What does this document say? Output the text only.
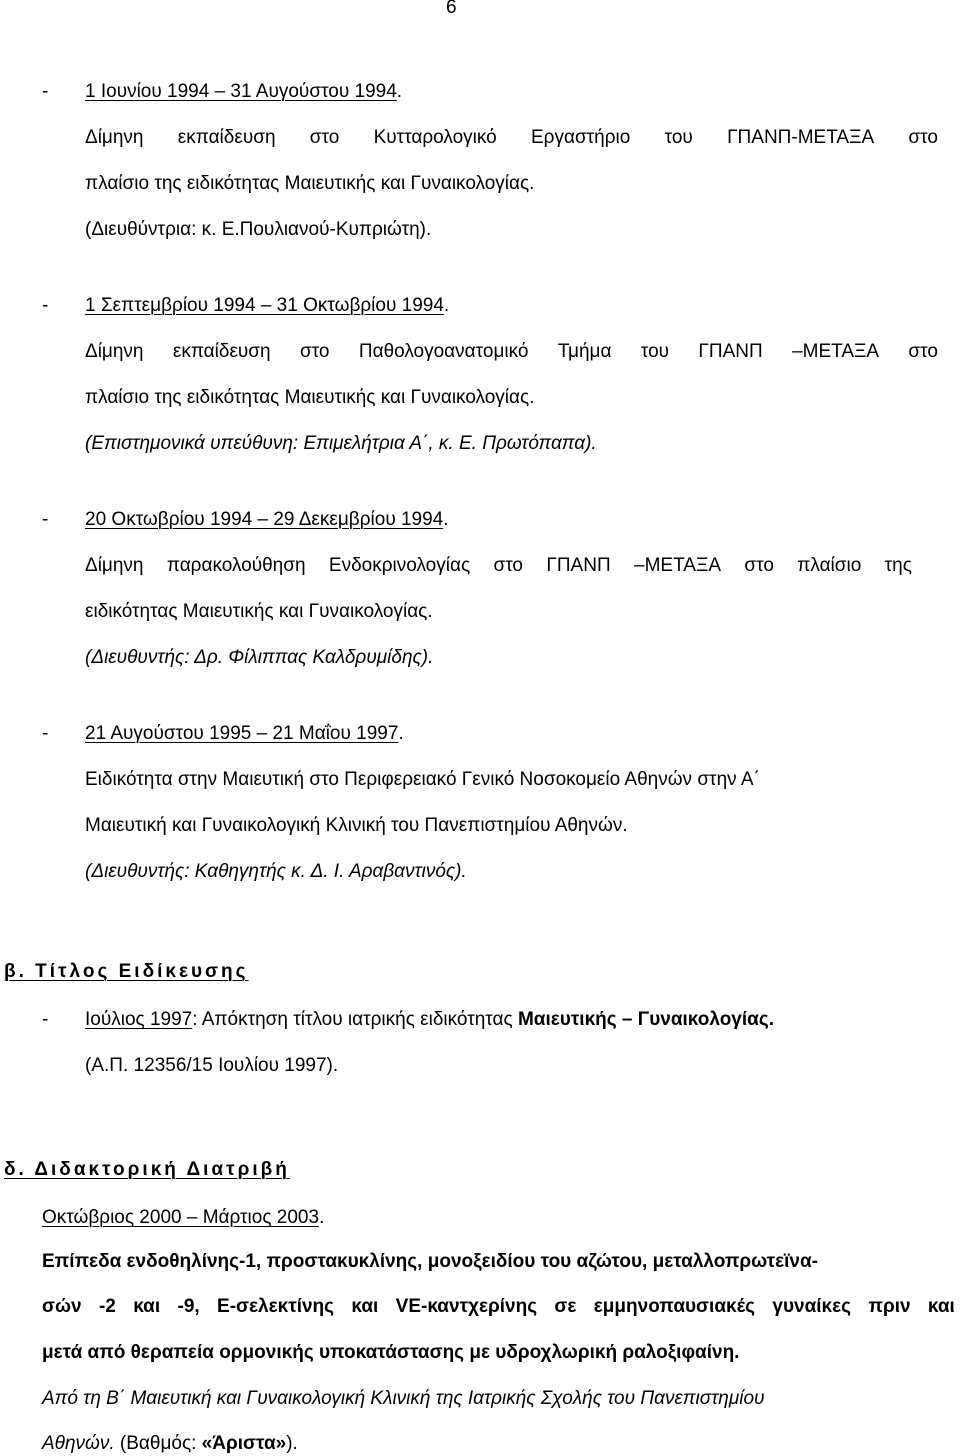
6
- 1 Ιουνίου 1994 – 31 Αυγούστου 1994.
Δίμηνη εκπαίδευση στο Κυτταρολογικό Εργαστήριο του ΓΠΑΝΠ-ΜΕΤΑΞΑ στο
πλαίσιο της ειδικότητας Μαιευτικής και Γυναικολογίας.
(Διευθύντρια: κ. Ε.Πουλιανού-Κυπριώτη).
- 1 Σεπτεμβρίου 1994 – 31 Οκτωβρίου 1994.
Δίμηνη εκπαίδευση στο Παθολογοανατομικό Τμήμα του ΓΠΑΝΠ –ΜΕΤΑΞΑ στο
πλαίσιο της ειδικότητας Μαιευτικής και Γυναικολογίας.
(Επιστημονικά υπεύθυνη: Επιμελήτρια Α΄, κ. Ε. Πρωτόπαπα).
- 20 Οκτωβρίου 1994 – 29 Δεκεμβρίου 1994.
Δίμηνη παρακολούθηση Ενδοκρινολογίας στο ΓΠΑΝΠ –ΜΕΤΑΞΑ στο πλαίσιο της
ειδικότητας Μαιευτικής και Γυναικολογίας.
(Διευθυντής: Δρ. Φίλιππας Καλδρυμίδης).
- 21 Αυγούστου 1995 – 21 Μαΐου 1997.
Ειδικότητα στην Μαιευτική στο Περιφερειακό Γενικό Νοσοκομείο Αθηνών στην Α΄
Μαιευτική και Γυναικολογική Κλινική του Πανεπιστημίου Αθηνών.
(Διευθυντής: Καθηγητής κ. Δ. Ι. Αραβαντινός).
β. Τίτλος Ειδίκευσης
- Ιούλιος 1997: Απόκτηση τίτλου ιατρικής ειδικότητας Μαιευτικής – Γυναικολογίας.
(Α.Π. 12356/15 Ιουλίου 1997).
δ. Διδακτορική Διατριβή
Οκτώβριος 2000 – Μάρτιος 2003.
Επίπεδα ενδοθηλίνης-1, προστακυκλίνης, μονοξειδίου του αζώτου, μεταλλοπρωτεϊνα-
σών -2 και -9, Ε-σελεκτίνης και VE-καντχερίνης σε εμμηνοπαυσιακές γυναίκες πριν και
μετά από θεραπεία ορμονικής υποκατάστασης με υδροχλωρική ραλοξιφαίνη.
Από τη Β΄ Μαιευτική και Γυναικολογική Κλινική της Ιατρικής Σχολής του Πανεπιστημίου
Αθηνών. (Βαθμός: «Άριστα»).
